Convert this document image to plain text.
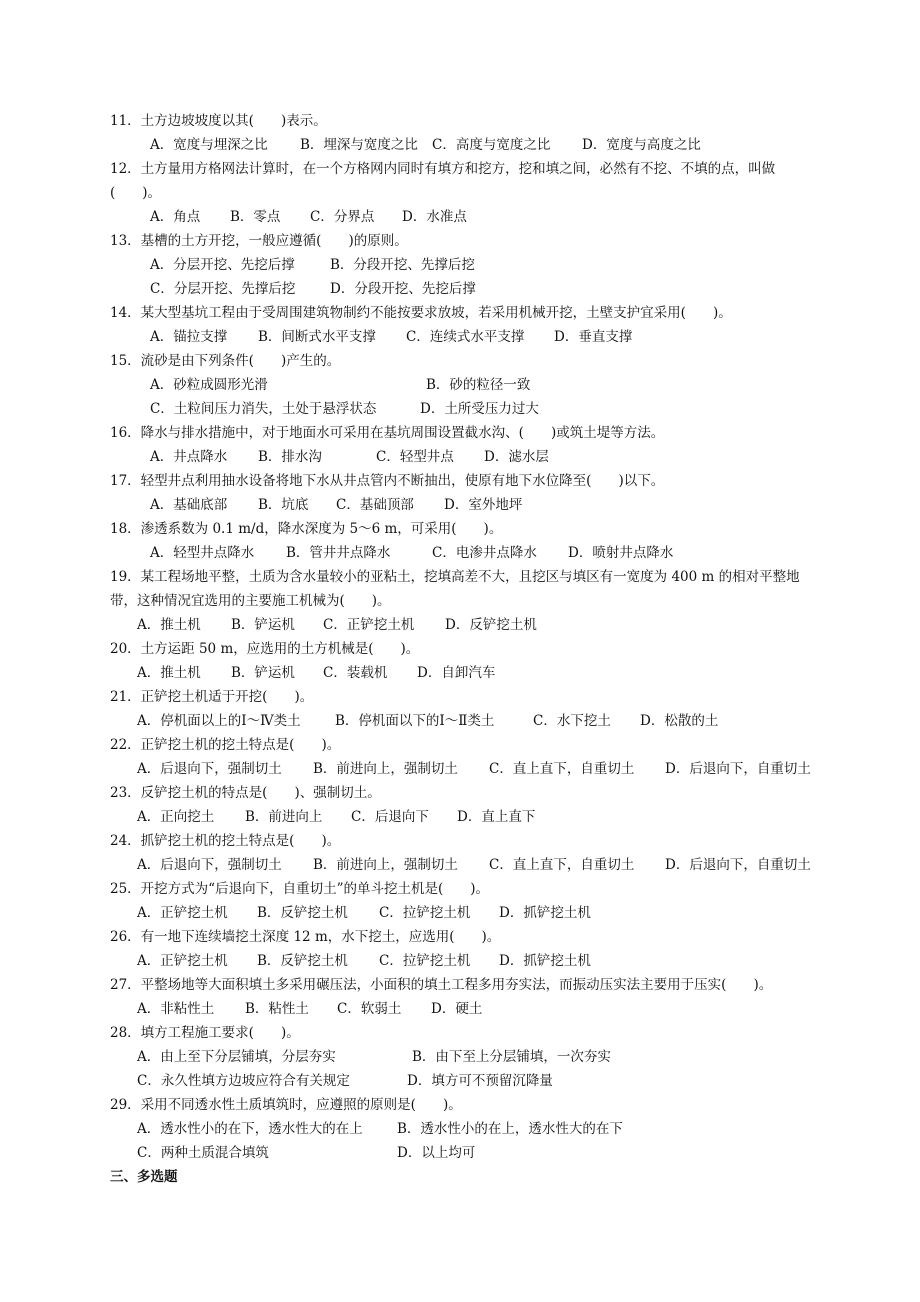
11．土方边坡坡度以其(　　)表示。
A．宽度与埋深之比 B．埋深与宽度之比 C．高度与宽度之比 D．宽度与高度之比
12．土方量用方格网法计算时，在一个方格网内同时有填方和挖方，挖和填之间，必然有不挖、不填的点，叫做
(　　)。
A．角点 B．零点 C．分界点 D．水准点
13．基槽的土方开挖，一般应遵循(　　)的原则。
A．分层开挖、先挖后撑	B．分段开挖、先撑后挖
C．分层开挖、先撑后挖	D．分段开挖、先挖后撑
14．某大型基坑工程由于受周围建筑物制约不能按要求放坡，若采用机械开挖，土壁支护宜采用(　　)。
A．锚拉支撑 B．间断式水平支撑 C．连续式水平支撑 D．垂直支撑
15．流砂是由下列条件(　　)产生的。
A．砂粒成圆形光滑	B．砂的粒径一致
C．土粒间压力消失，土处于悬浮状态	D．土所受压力过大
16．降水与排水措施中，对于地面水可采用在基坑周围设置截水沟、(　　)或筑土堤等方法。
A．井点降水 B．排水沟	C．轻型井点 D．滤水层
17．轻型井点利用抽水设备将地下水从井点管内不断抽出，使原有地下水位降至(　　)以下。
A．基础底部 B．坑底 C．基础顶部 D．室外地坪
18．渗透系数为 0.1 m/d，降水深度为 5～6 m，可采用(　　)。
A．轻型井点降水 B．管井井点降水	C．电渗井点降水 D．喷射井点降水
19．某工程场地平整，土质为含水量较小的亚粘土，挖填高差不大，且挖区与填区有一宽度为 400 m 的相对平整地
带，这种情况宜选用的主要施工机械为(　　)。
A．推土机 B．铲运机 C．正铲挖土机 D．反铲挖土机
20．土方运距 50 m，应选用的土方机械是(　　)。
A．推土机 B．铲运机 C．装载机 D．自卸汽车
21．正铲挖土机适于开挖(　　)。
A．停机面以上的Ⅰ～Ⅳ类土	B．停机面以下的Ⅰ～Ⅱ类土	C．水下挖土 D．松散的土
22．正铲挖土机的挖土特点是(　　)。
A．后退向下，强制切土 B．前进向上，强制切土 C．直上直下，自重切土 D．后退向下，自重切土
23．反铲挖土机的特点是(　　)、强制切土。
A．正向挖土 B．前进向上 C．后退向下 D．直上直下
24．抓铲挖土机的挖土特点是(　　)。
A．后退向下，强制切土 B．前进向上，强制切土 C．直上直下，自重切土 D．后退向下，自重切土
25．开挖方式为“后退向下，自重切土”的单斗挖土机是(　　)。
A．正铲挖土机 B．反铲挖土机 C．拉铲挖土机 D．抓铲挖土机
26．有一地下连续墙挖土深度 12 m，水下挖土，应选用(　　)。
A．正铲挖土机 B．反铲挖土机 C．拉铲挖土机 D．抓铲挖土机
27．平整场地等大面积填土多采用碾压法，小面积的填土工程多用夯实法，而振动压实法主要用于压实(　　)。
A．非粘性土 B．粘性土 C．软弱土 D．硬土
28．填方工程施工要求(　　)。
A．由上至下分层铺填，分层夯实	B．由下至上分层铺填，一次夯实
C．永久性填方边坡应符合有关规定	D．填方可不预留沉降量
29．采用不同透水性土质填筑时，应遵照的原则是(　　)。
A．透水性小的在下，透水性大的在上	B．透水性小的在上，透水性大的在下
C．两种土质混合填筑	D．以上均可
三、多选题
